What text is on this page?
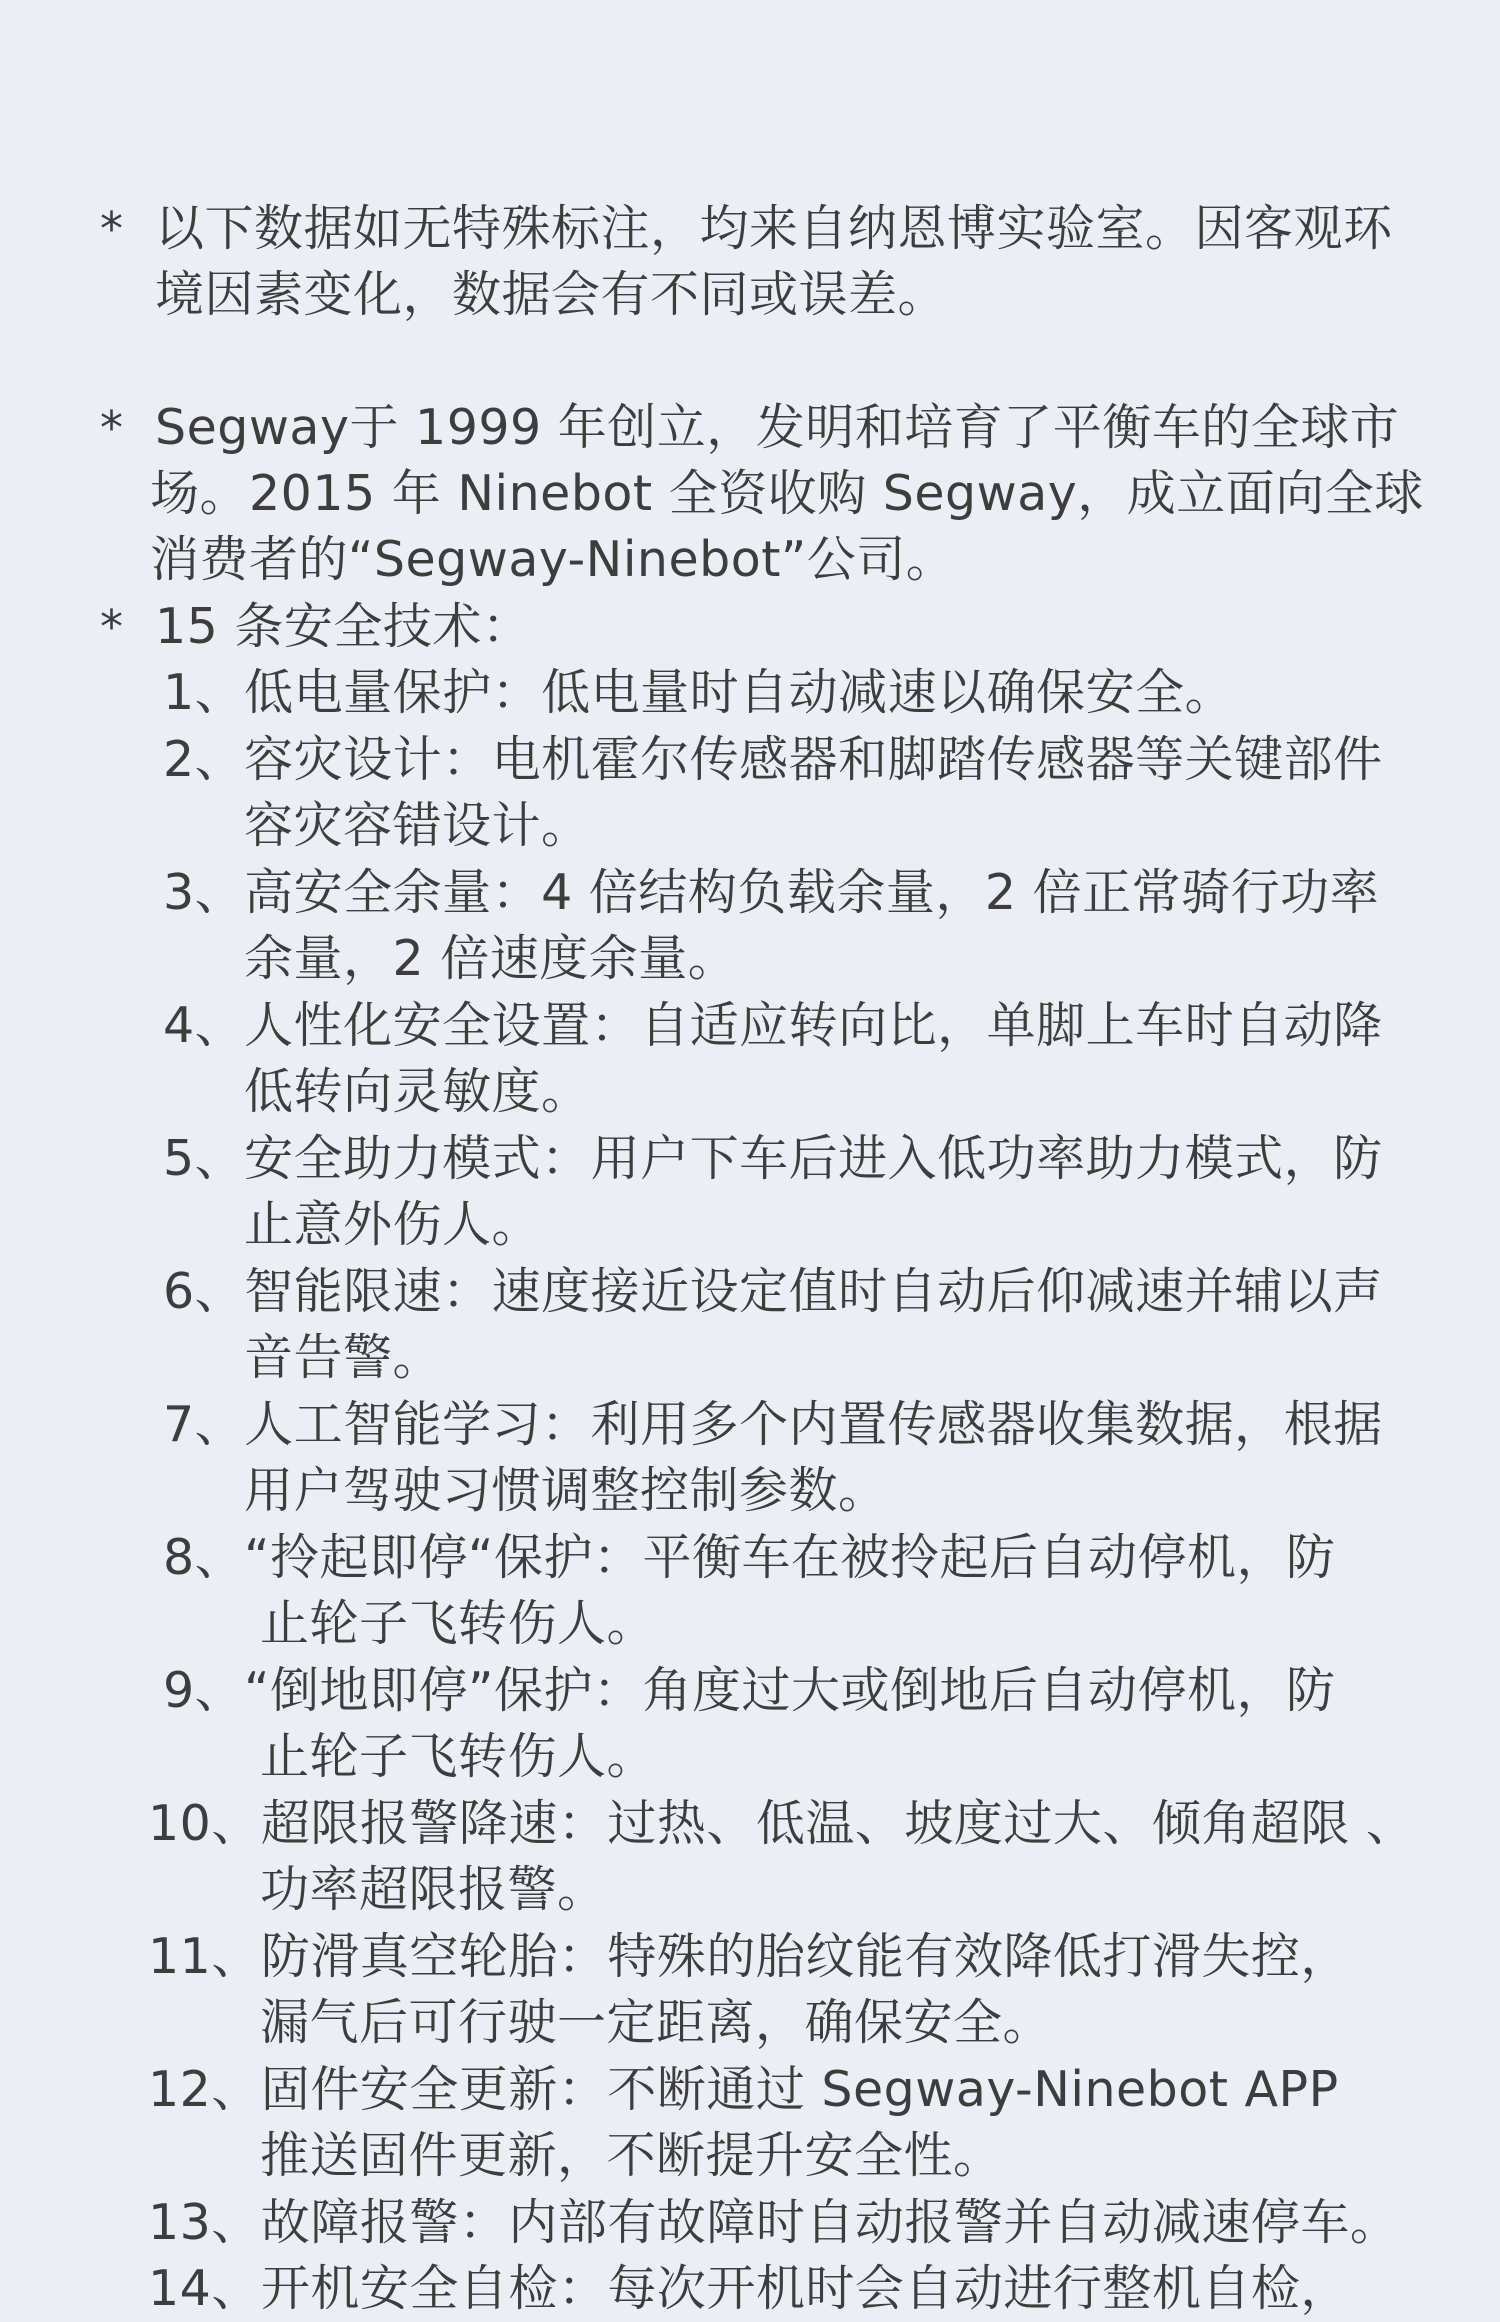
* 以下数据如无特殊标注，均来自纳恩博实验室。因客观环
境因素变化，数据会有不同或误差。
* Segway于 1999 年创立，发明和培育了平衡车的全球市
场。2015 年 Ninebot 全资收购 Segway，成立面向全球
消费者的“Segway-Ninebot”公司。
* 15 条安全技术：
1、低电量保护：低电量时自动减速以确保安全。
2、容灾设计：电机霍尔传感器和脚踏传感器等关键部件
容灾容错设计。
3、高安全余量：4 倍结构负载余量，2 倍正常骑行功率
余量，2 倍速度余量。
4、人性化安全设置：自适应转向比，单脚上车时自动降
低转向灵敏度。
5、安全助力模式：用户下车后进入低功率助力模式，防
止意外伤人。
6、智能限速：速度接近设定值时自动后仰减速并辅以声
音告警。
7、人工智能学习：利用多个内置传感器收集数据，根据
用户驾驶习惯调整控制参数。
8、“拎起即停“保护：平衡车在被拎起后自动停机，防
止轮子飞转伤人。
9、“倒地即停”保护：角度过大或倒地后自动停机，防
止轮子飞转伤人。
10、超限报警降速：过热、低温、坡度过大、倾角超限 、
功率超限报警。
11、防滑真空轮胎：特殊的胎纹能有效降低打滑失控，
漏气后可行驶一定距离，确保安全。
12、固件安全更新：不断通过 Segway-Ninebot APP
推送固件更新，不断提升安全性。
13、故障报警：内部有故障时自动报警并自动减速停车。
14、开机安全自检：每次开机时会自动进行整机自检，
